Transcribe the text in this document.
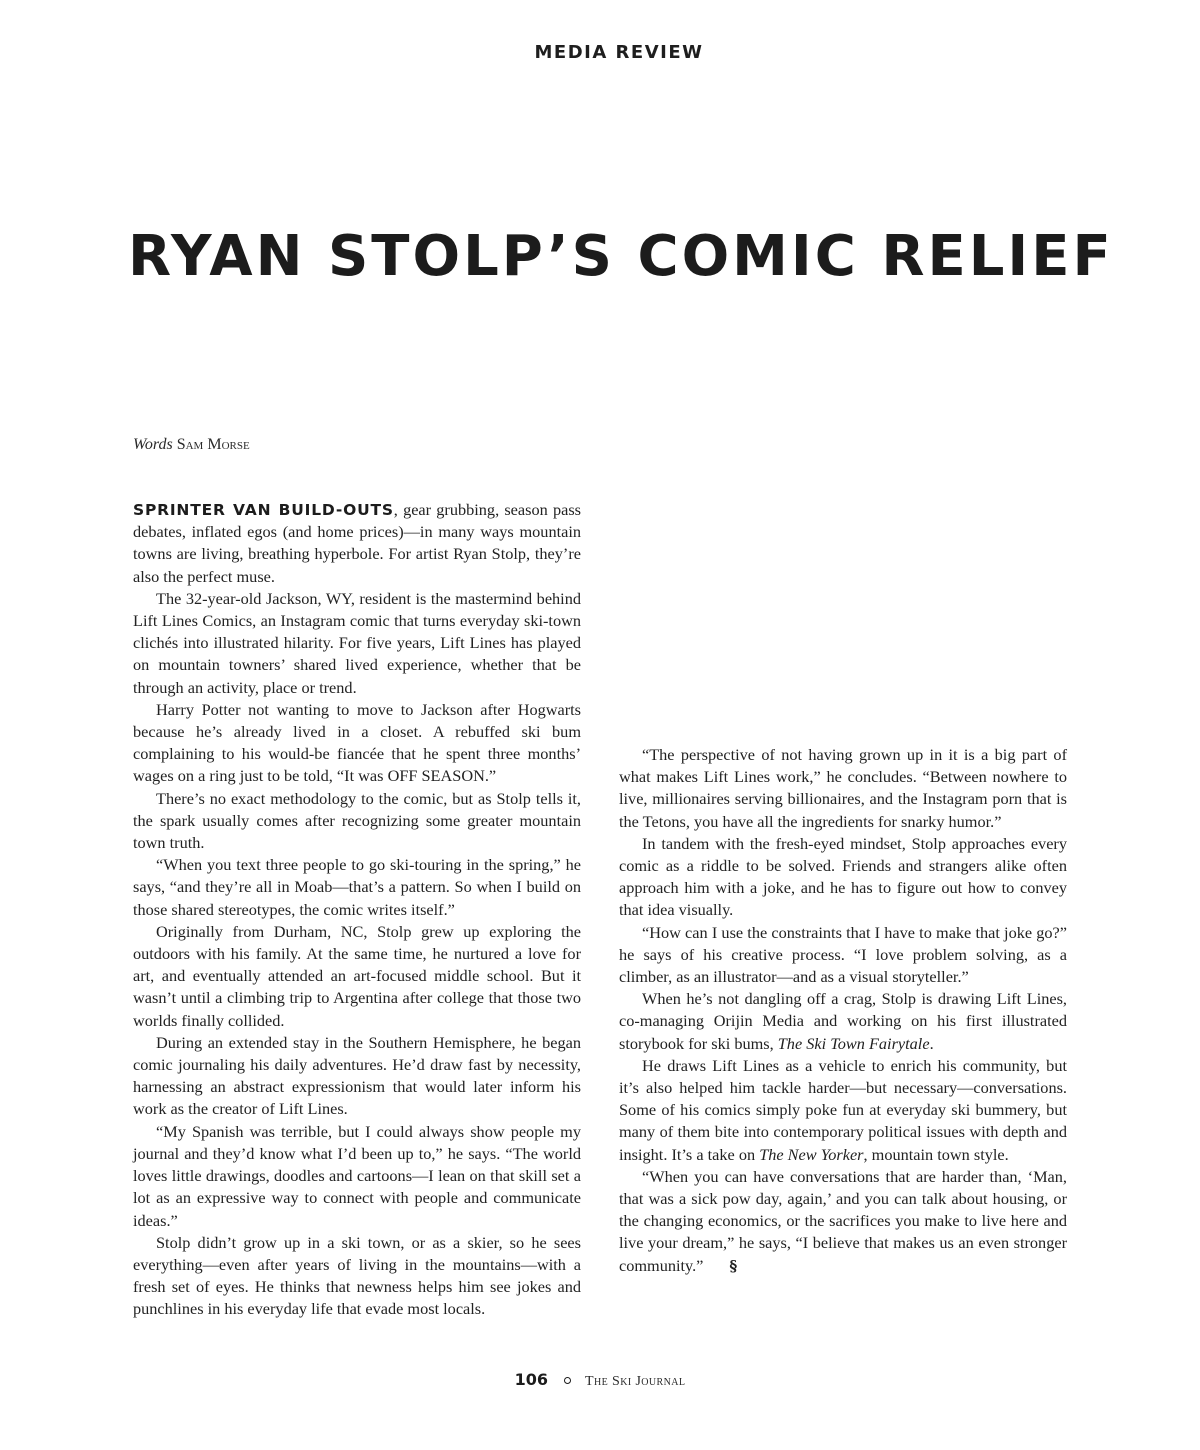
MEDIA REVIEW
RYAN STOLP’S COMIC RELIEF
Words Sam Morse

SPRINTER VAN BUILD-OUTS, gear grubbing, season pass debates, inflated egos (and home prices)—in many ways mountain towns are living, breathing hyperbole. For artist Ryan Stolp, they’re also the perfect muse.

The 32-year-old Jackson, WY, resident is the mastermind behind Lift Lines Comics, an Instagram comic that turns everyday ski-town clichés into illustrated hilarity. For five years, Lift Lines has played on mountain towners’ shared lived experience, whether that be through an activity, place or trend.

Harry Potter not wanting to move to Jackson after Hogwarts because he’s already lived in a closet. A rebuffed ski bum complaining to his would-be fiancée that he spent three months’ wages on a ring just to be told, “It was OFF SEASON.”

There’s no exact methodology to the comic, but as Stolp tells it, the spark usually comes after recognizing some greater mountain town truth.

“When you text three people to go ski-touring in the spring,” he says, “and they’re all in Moab—that’s a pattern. So when I build on those shared stereotypes, the comic writes itself.”

Originally from Durham, NC, Stolp grew up exploring the outdoors with his family. At the same time, he nurtured a love for art, and eventually attended an art-focused middle school. But it wasn’t until a climbing trip to Argentina after college that those two worlds finally collided.

During an extended stay in the Southern Hemisphere, he began comic journaling his daily adventures. He’d draw fast by necessity, harnessing an abstract expressionism that would later inform his work as the creator of Lift Lines.

“My Spanish was terrible, but I could always show people my journal and they’d know what I’d been up to,” he says. “The world loves little drawings, doodles and cartoons—I lean on that skill set a lot as an expressive way to connect with people and communicate ideas.”

Stolp didn’t grow up in a ski town, or as a skier, so he sees everything—even after years of living in the mountains—with a fresh set of eyes. He thinks that newness helps him see jokes and punchlines in his everyday life that evade most locals.

“The perspective of not having grown up in it is a big part of what makes Lift Lines work,” he concludes. “Between nowhere to live, millionaires serving billionaires, and the Instagram porn that is the Tetons, you have all the ingredients for snarky humor.”

In tandem with the fresh-eyed mindset, Stolp approaches every comic as a riddle to be solved. Friends and strangers alike often approach him with a joke, and he has to figure out how to convey that idea visually.

“How can I use the constraints that I have to make that joke go?” he says of his creative process. “I love problem solving, as a climber, as an illustrator—and as a visual storyteller.”

When he’s not dangling off a crag, Stolp is drawing Lift Lines, co-managing Orijin Media and working on his first illustrated storybook for ski bums, The Ski Town Fairytale.

He draws Lift Lines as a vehicle to enrich his community, but it’s also helped him tackle harder—but necessary—conversations. Some of his comics simply poke fun at everyday ski bummery, but many of them bite into contemporary political issues with depth and insight. It’s a take on The New Yorker, mountain town style.

“When you can have conversations that are harder than, ‘Man, that was a sick pow day, again,’ and you can talk about housing, or the changing economics, or the sacrifices you make to live here and live your dream,” he says, “I believe that makes us an even stronger community.” §

106	The Ski Journal
